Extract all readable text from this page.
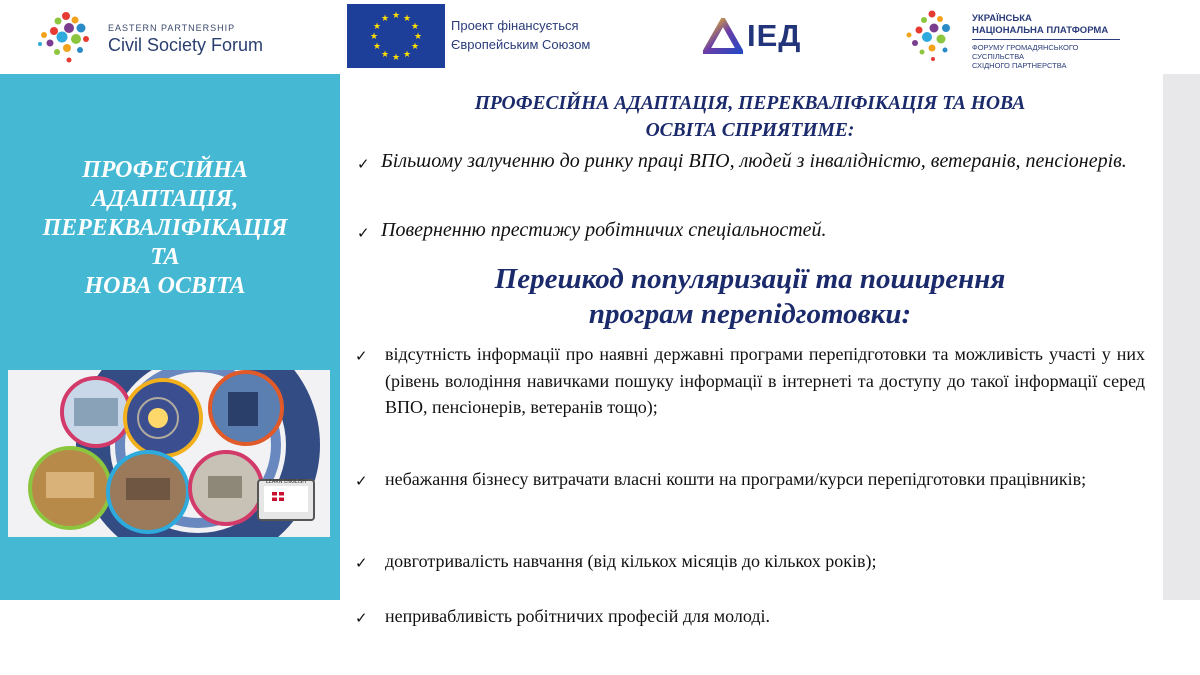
EASTERN PARTNERSHIP
Civil Society Forum
★ ★
★
★
★
★
★
★
★
★
★
★	Проект фінансується
Європейським Союзом	ІЕД	УКРАЇНСЬКА
НАЦІОНАЛЬНА ПЛАТФОРМА
ФОРУМУ ГРОМАДЯНСЬКОГО СУСПІЛЬСТВА
СХІДНОГО ПАРТНЕРСТВА
ПРОФЕСІЙНА
АДАПТАЦІЯ,
ПЕРЕКВАЛІФІКАЦІЯ
ТА
НОВА ОСВІТА
LEARN ENGLISH
ПРОФЕСІЙНА АДАПТАЦІЯ, ПЕРЕКВАЛІФІКАЦІЯ ТА НОВА
ОСВІТА СПРИЯТИМЕ:
✓ Більшому залученню до ринку праці ВПО, людей з інвалідністю, ветеранів, пенсіонерів.
✓ Поверненню престижу робітничих спеціальностей.
Перешкод популяризації та поширення
програм перепідготовки:
✓ відсутність інформації про наявні державні програми перепідготовки та можливість участі у них (рівень володіння навичками пошуку інформації в інтернеті та доступу до такої інформації серед ВПО, пенсіонерів, ветеранів тощо);
✓ небажання бізнесу витрачати власні кошти на програми/курси перепідготовки працівників;
✓ довготривалість навчання (від кількох місяців до кількох років);
✓ непривабливість робітничих професій для молоді.
